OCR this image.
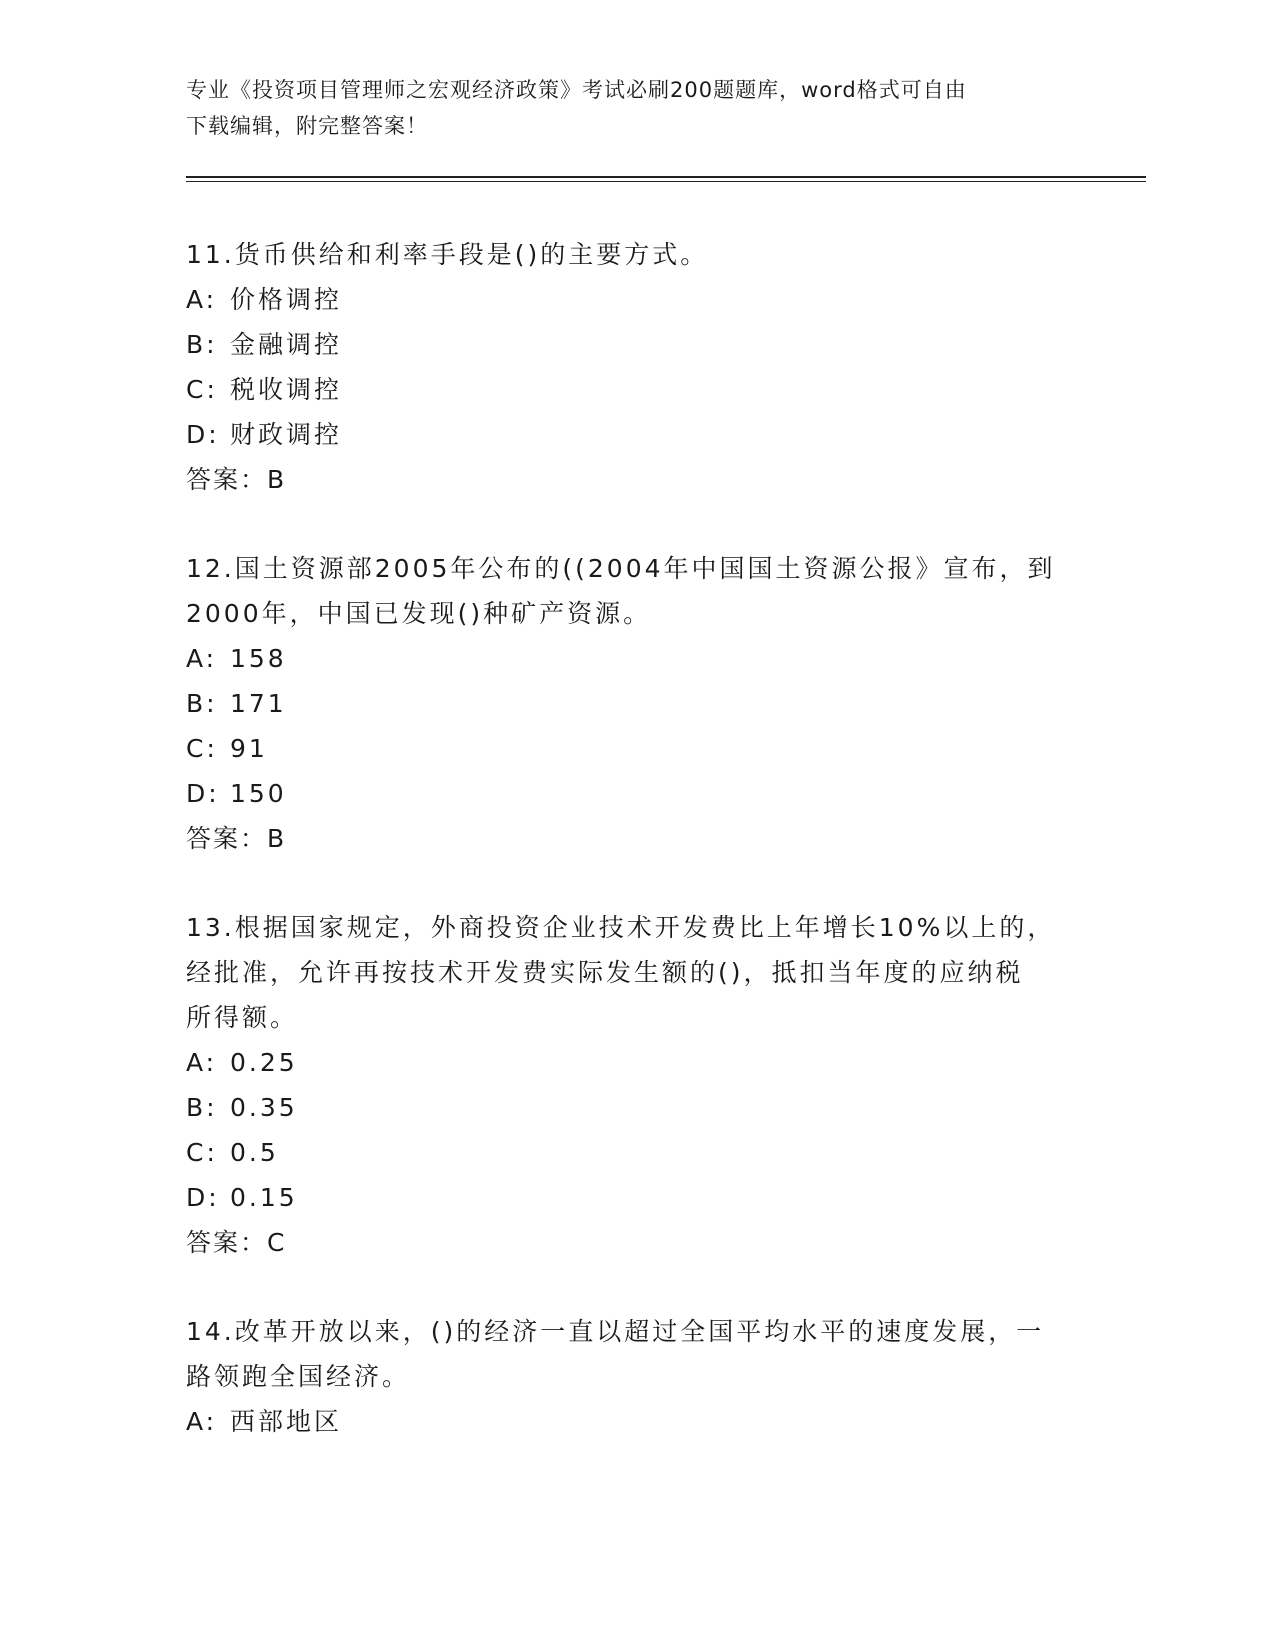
专业《投资项目管理师之宏观经济政策》考试必刷200题题库，word格式可自由
下载编辑，附完整答案！
11.货币供给和利率手段是()的主要方式。
A: 价格调控
B: 金融调控
C: 税收调控
D: 财政调控
答案：B
12.国土资源部2005年公布的((2004年中国国土资源公报》宣布，到
2000年，中国已发现()种矿产资源。
A: 158
B: 171
C: 91
D: 150
答案：B
13.根据国家规定，外商投资企业技术开发费比上年增长10%以上的，
经批准，允许再按技术开发费实际发生额的()，抵扣当年度的应纳税
所得额。
A: 0.25
B: 0.35
C: 0.5
D: 0.15
答案：C
14.改革开放以来，()的经济一直以超过全国平均水平的速度发展，一
路领跑全国经济。
A: 西部地区
